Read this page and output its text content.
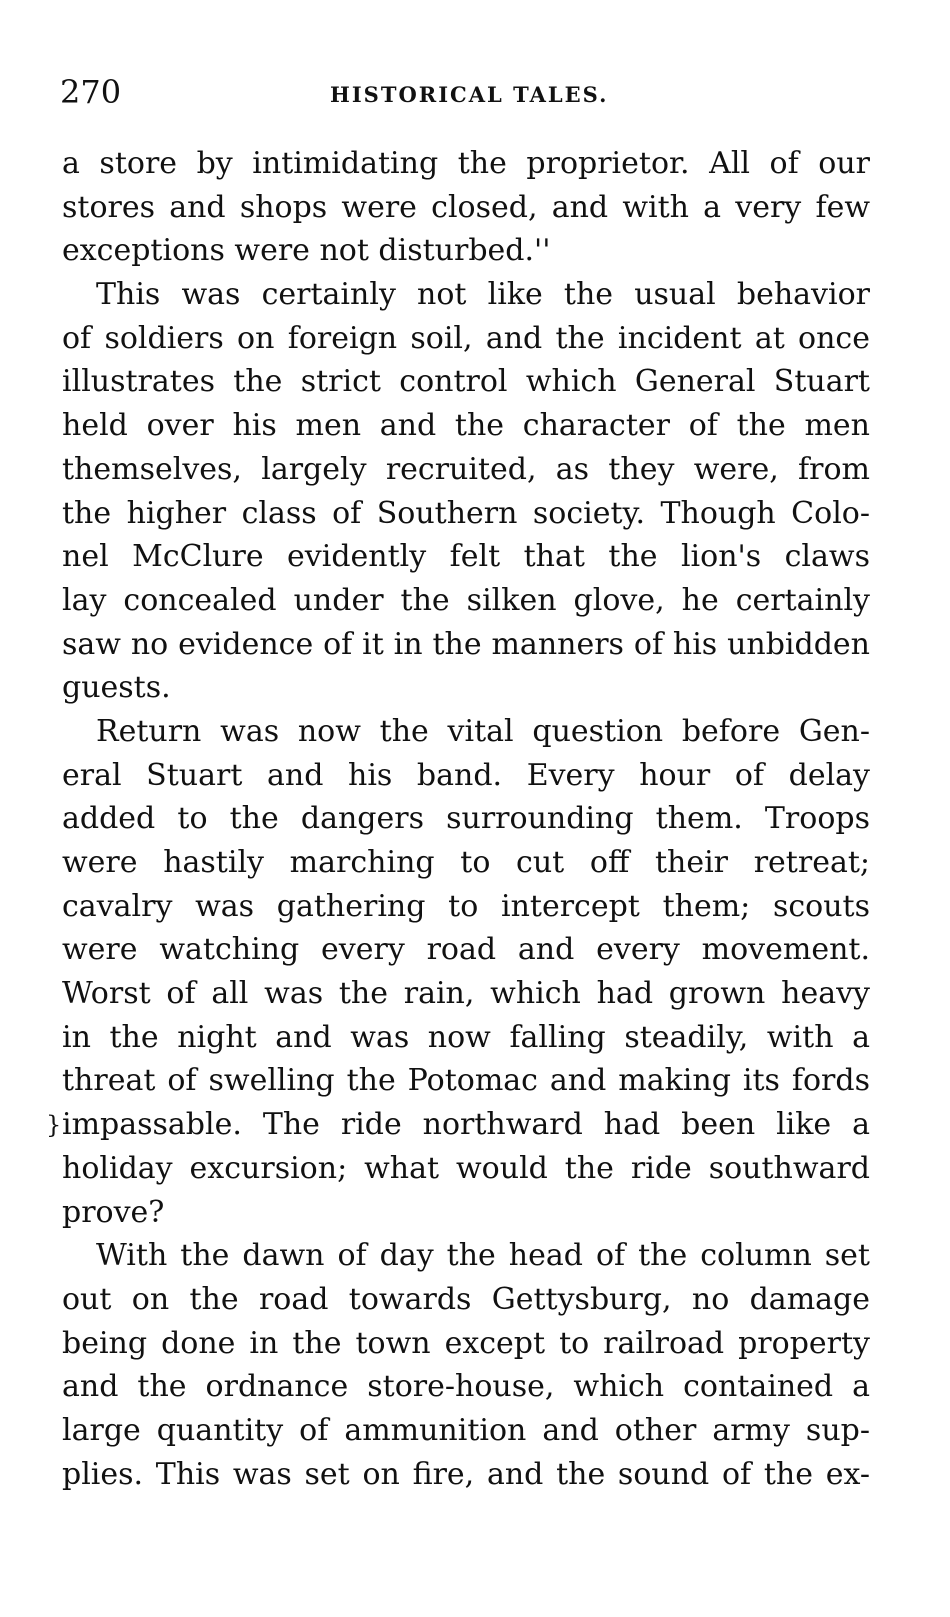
270	HISTORICAL TALES.
}
a store by intimidating the proprietor. All of our
stores and shops were closed, and with a very few
exceptions were not disturbed.''
This was certainly not like the usual behavior
of soldiers on foreign soil, and the incident at once
illustrates the strict control which General Stuart
held over his men and the character of the men
themselves, largely recruited, as they were, from
the higher class of Southern society. Though Colo-
nel McClure evidently felt that the lion's claws
lay concealed under the silken glove, he certainly
saw no evidence of it in the manners of his unbidden
guests.
Return was now the vital question before Gen-
eral Stuart and his band. Every hour of delay
added to the dangers surrounding them. Troops
were hastily marching to cut off their retreat;
cavalry was gathering to intercept them; scouts
were watching every road and every movement.
Worst of all was the rain, which had grown heavy
in the night and was now falling steadily, with a
threat of swelling the Potomac and making its fords
impassable. The ride northward had been like a
holiday excursion; what would the ride southward
prove?
With the dawn of day the head of the column set
out on the road towards Gettysburg, no damage
being done in the town except to railroad property
and the ordnance store-house, which contained a
large quantity of ammunition and other army sup-
plies. This was set on fire, and the sound of the ex-
